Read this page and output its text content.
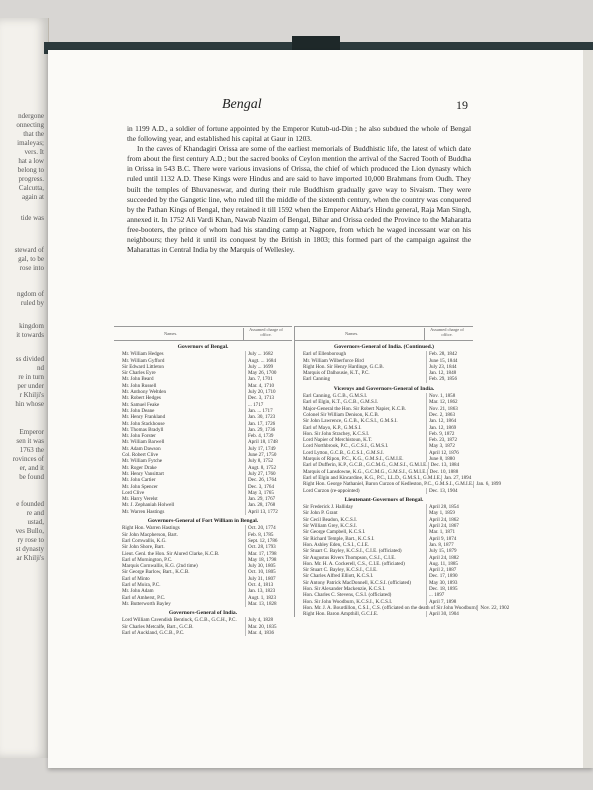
ndergone
onnecting
that the
imaleyas;
vers. It
hat a low
belong to
progress.
Calcutta,
again at
tide was
steward of
gal, to be
rose into
ngdom of
ruled by
kingdom
it towards
ss divided
nd
re in turn
per under
r Khilji's
hin whose
Emperor
sen it was
1763 the
rovinces of
er, and it
be found
e founded
re and
ustad,
ves Bullo,
ry rose to
st dynasty
ar Khilji's
Bengal	19

in 1199 A.D., a soldier of fortune appointed by the Emperor Kutub-ud-Din ; he also subdued the whole of Bengal the following year, and established his capital at Gaur in 1203.

In the caves of Khandagiri Orissa are some of the earliest memorials of Buddhistic life, the latest of which date from about the first century A.D.; but the sacred books of Ceylon mention the arrival of the Sacred Tooth of Buddha in Orissa in 543 B.C. There were various invasions of Orissa, the chief of which produced the Lion dynasty which ruled until 1132 A.D. These Kings were Hindus and are said to have imported 10,000 Brahmans from Oudh. They built the temples of Bhuvaneswar, and during their rule Buddhism gradually gave way to Sivaism. They were succeeded by the Gangetic line, who ruled till the middle of the sixteenth century, when the country was conquered by the Pathan Kings of Bengal, they retained it till 1592 when the Emperor Akbar's Hindu general, Raja Man Singh, annexed it. In 1752 Ali Vardi Khan, Nawab Nazim of Bengal, Bihar and Orissa ceded the Province to the Maharatta free-booters, the prince of whom had his standing camp at Nagpore, from which he waged incessant war on his neighbours; they held it until its conquest by the British in 1803; this formed part of the campaign against the Maharattas in Central India by the Marquis of Wellesley.

Names.
Assumed charge of office.
Governors of Bengal.
Mr. William Hedges	July ... 1682
Mr. William Gyfford	Augt. ... 1684
Sir Edward Littleton	July ... 1699
Sir Charles Eyre	May 26, 1700
Mr. John Beard	Jan. 7, 1701
Mr. John Russell	Mar. 4, 1710
Mr. Anthony Weltden	July 20, 1710
Mr. Robert Hedges	Dec. 3, 1713
Mr. Samuel Feake	... 1717
Mr. John Deane	Jan. ... 1717
Mr. Henry Frankland	Jan. 30, 1723
Mr. John Stackhouse	Jan. 17, 1726
Mr. Thomas Bradyll	Jan. 29, 1736
Mr. John Forster	Feb. 4, 1739
Mr. William Barwell	April 18, 1748
Mr. Adam Dawson	July 17, 1749
Col. Robert Clive	June 27, 1750
Mr. William Fytche	July 8, 1752
Mr. Roger Drake	Augt. 8, 1752
Mr. Henry Vansittart	July 27, 1760
Mr. John Cartier	Dec. 26, 1764
Mr. John Spencer	Dec. 3, 1764
Lord Clive	May 3, 1765
Mr. Harry Verelst	Jan. 29, 1767
Mr. J. Zephaniah Holwell	Jan. 28, 1768
Mr. Warren Hastings	April 13, 1772
Governors-General of Fort William in Bengal.
Right Hon. Warren Hastings	Oct. 20, 1774
Sir John Macpherson, Bart.	Feb. 8, 1785
Earl Cornwallis, K.G.	Sept. 12, 1786
Sir John Shore, Bart.	Oct. 28, 1793
Lieut. Genl. the Hon. Sir Alured Clarke, K.C.B.	Mar. 17, 1798
Earl of Mornington, P.C.	May 18, 1798
Marquis Cornwallis, K.G. (2nd time)	July 30, 1805
Sir George Barlow, Bart., K.C.B.	Oct. 10, 1805
Earl of Minto	July 31, 1807
Earl of Moira, P.C.	Oct. 4, 1813
Mr. John Adam	Jan. 13, 1823
Earl of Amherst, P.C.	Augt. 1, 1823
Mr. Butterworth Bayley	Mar. 13, 1828
Governors-General of India.
Lord William Cavendish Bentinck, G.C.B., G.C.H., P.C.	July 4, 1828
Sir Charles Metcalfe, Bart., G.C.B.	Mar. 20, 1835
Earl of Auckland, G.C.B., P.C.	Mar. 4, 1836
Names.
Assumed charge of office.
Governors-General of India. (Continued.)
Earl of Ellenborough	Feb. 28, 1842
Mr. William Wilberforce Bird	June 15, 1844
Right Hon. Sir Henry Hardinge, G.C.B.	July 23, 1844
Marquis of Dalhousie, K.T., P.C.	Jan. 12, 1848
Earl Canning	Feb. 29, 1856
Viceroys and Governors-General of India.
Earl Canning, G.C.B., G.M.S.I.	Nov. 1, 1858
Earl of Elgin, K.T., G.C.B., G.M.S.I.	Mar. 12, 1862
Major-General the Hon. Sir Robert Napier, K.C.B.	Nov. 21, 1863
Colonel Sir William Denison, K.C.B.	Dec. 2, 1863
Sir John Lawrence, G.C.B., K.C.S.I., G.M.S.I.	Jan. 12, 1864
Earl of Mayo, K.P., G.M.S.I.	Jan. 12, 1869
Hon. Sir John Strachey, K.C.S.I.	Feb. 9, 1872
Lord Napier of Merchistoun, K.T.	Feb. 23, 1872
Lord Northbrook, P.C., G.C.S.I., G.M.S.I.	May 3, 1872
Lord Lytton, G.C.B., G.C.S.I., G.M.S.I.	April 12, 1876
Marquis of Ripon, P.C., K.G., G.M.S.I., G.M.I.E.	June 8, 1880
Earl of Dufferin, K.P., G.C.B., G.C.M.G., G.M.S.I., G.M.I.E. Dec. 13, 1884
Marquis of Lansdowne, K.G., G.C.M.G., G.M.S.I., G.M.I.E. Dec. 10, 1888
Earl of Elgin and Kincardine, K.G., P.C., LL.D., G.M.S.I., G.M.I.E. Jan. 27, 1894
Right Hon. George Nathaniel, Baron Curzon of Kedleston, P.C., G.M.S.I., G.M.I.E. Jan. 6, 1899
Lord Curzon (re-appointed)	Dec. 13, 1904
Lieutenant-Governors of Bengal.
Sir Frederick J. Halliday	April 28, 1854
Sir John P. Grant	May 1, 1859
Sir Cecil Beadon, K.C.S.I.	April 24, 1862
Sir William Grey, K.C.S.I.	April 24, 1867
Sir George Campbell, K.C.S.I.	Mar. 1, 1871
Sir Richard Temple, Bart., K.C.S.I.	April 9, 1874
Hon. Ashley Eden, C.S.I., C.I.E.	Jan. 8, 1877
Sir Stuart C. Bayley, K.C.S.I., C.I.E. (officiated)	July 15, 1879
Sir Augustus Rivers Thompson, C.S.I., C.I.E.	April 24, 1882
Hon. Mr. H. A. Cockerell, C.S., C.I.E. (officiated)	Aug. 11, 1885
Sir Stuart C. Bayley, K.C.S.I., C.I.E.	April 2, 1887
Sir Charles Alfred Elliott, K.C.S.I.	Dec. 17, 1890
Sir Antony Patrick MacDonnell, K.C.S.I. (officiated)	May 30, 1893
Hon. Sir Alexander Mackenzie, K.C.S.I.	Dec. 18, 1895
Hon. Charles C. Stevens, C.S.I. (officiated)	... 1897
Hon. Sir John Woodburn, K.C.S.I., K.C.S.I.	April 7, 1898
Hon. Mr. J. A. Bourdillon, C.S.I., C.S. (officiated on the death of Sir John Woodburn) Nov. 22, 1902
Right Hon. Baron Ampthill, G.C.I.E.	April 30, 1904
